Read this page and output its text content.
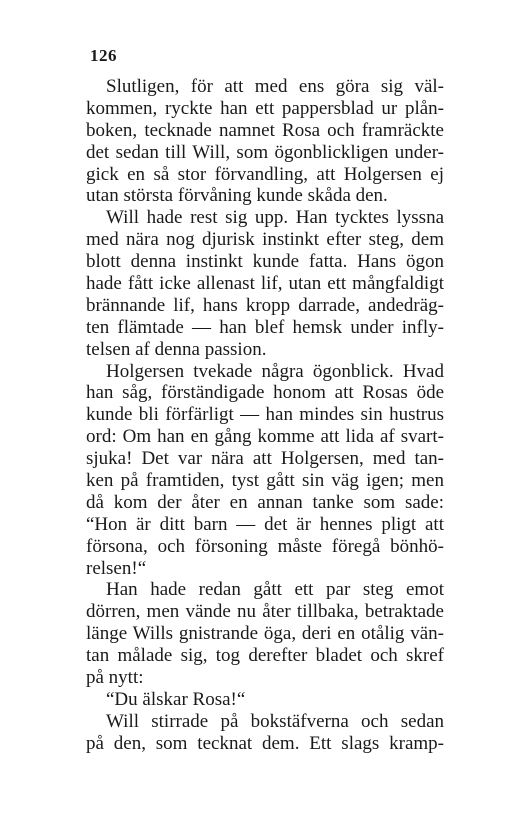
126
Slutligen, för att med ens göra sig väl-
kommen, ryckte han ett pappersblad ur plån-
boken, tecknade namnet Rosa och framräckte
det sedan till Will, som ögonblickligen under-
gick en så stor förvandling, att Holgersen ej
utan största förvåning kunde skåda den.
Will hade rest sig upp. Han tycktes lyssna
med nära nog djurisk instinkt efter steg, dem
blott denna instinkt kunde fatta. Hans ögon
hade fått icke allenast lif, utan ett mångfaldigt
brännande lif, hans kropp darrade, andedräg-
ten flämtade — han blef hemsk under infly-
telsen af denna passion.
Holgersen tvekade några ögonblick. Hvad
han såg, förständigade honom att Rosas öde
kunde bli förfärligt — han mindes sin hustrus
ord: Om han en gång komme att lida af svart-
sjuka! Det var nära att Holgersen, med tan-
ken på framtiden, tyst gått sin väg igen; men
då kom der åter en annan tanke som sade:
“Hon är ditt barn — det är hennes pligt att
försona, och försoning måste föregå bönhö-
relsen!“
Han hade redan gått ett par steg emot
dörren, men vände nu åter tillbaka, betraktade
länge Wills gnistrande öga, deri en otålig vän-
tan målade sig, tog derefter bladet och skref
på nytt:
“Du älskar Rosa!“
Will stirrade på bokstäfverna och sedan
på den, som tecknat dem. Ett slags kramp-
